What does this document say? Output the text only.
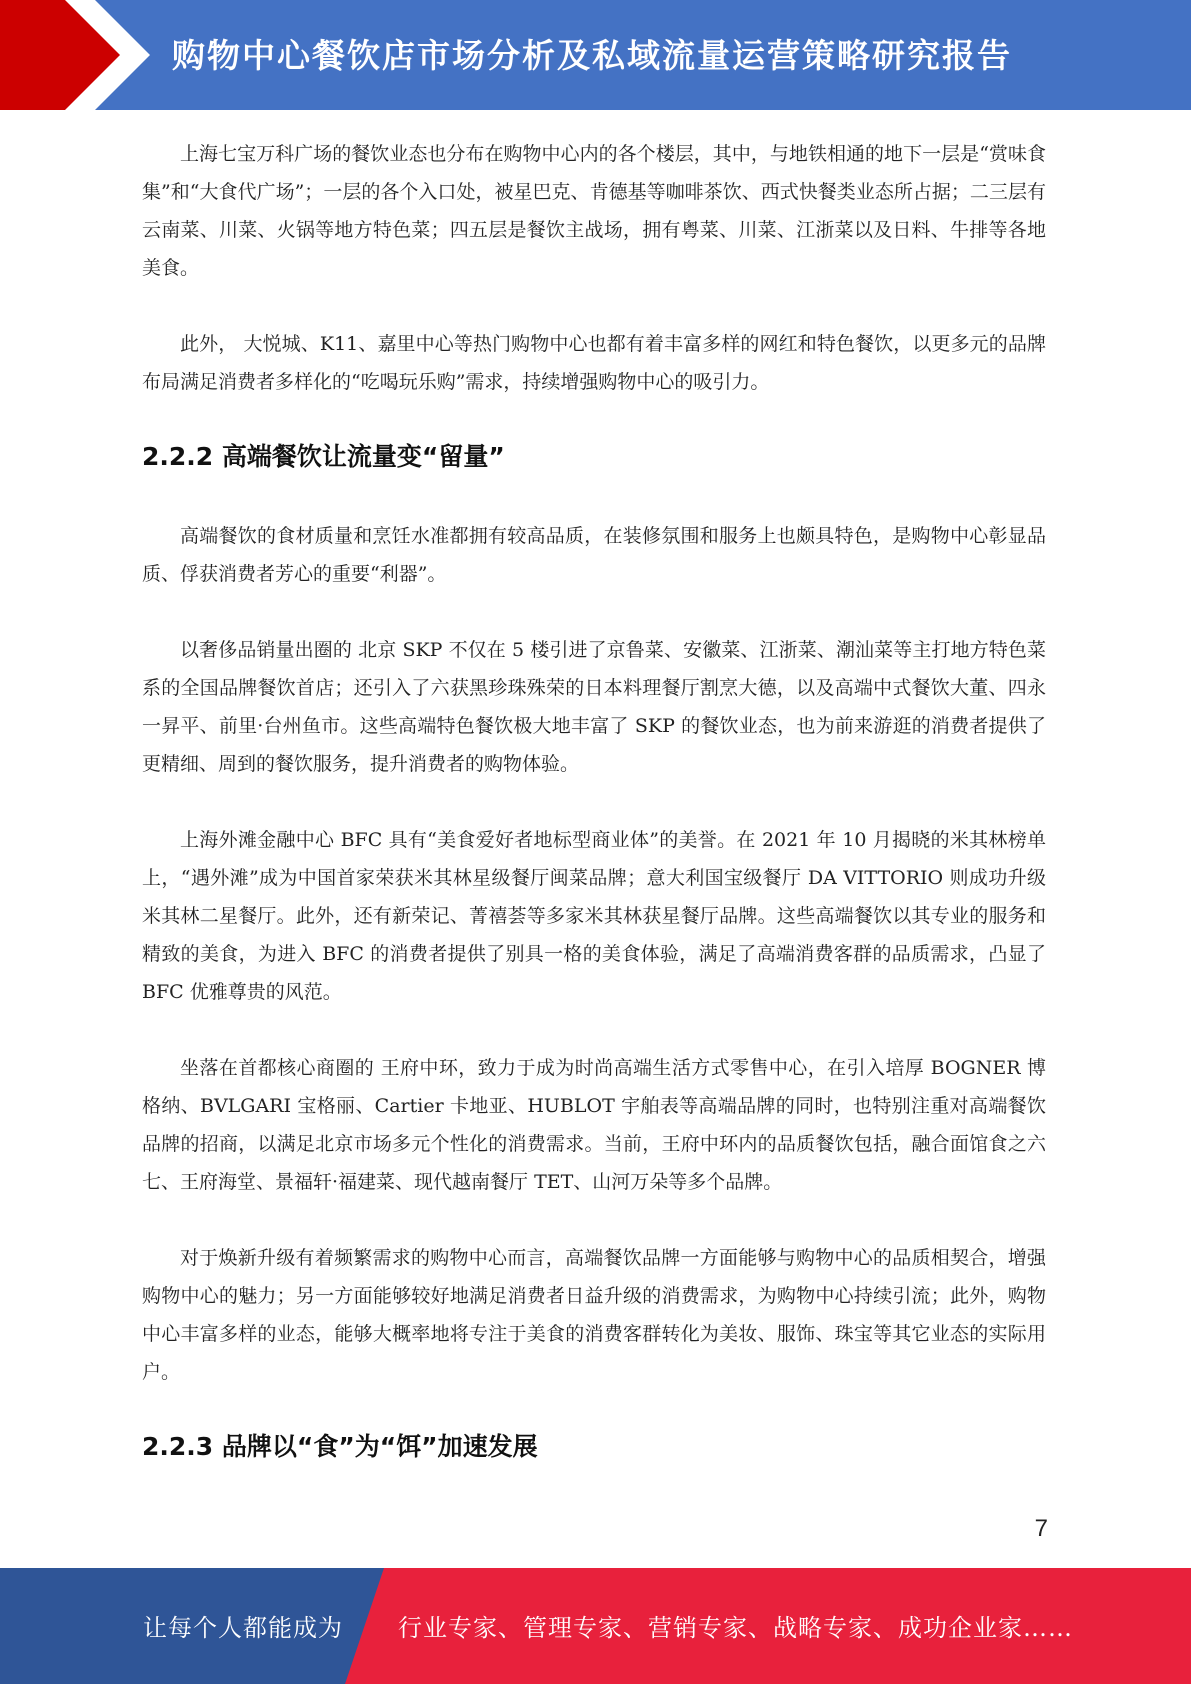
购物中心餐饮店市场分析及私域流量运营策略研究报告

上海七宝万科广场的餐饮业态也分布在购物中心内的各个楼层，其中，与地铁相通的地下一层是“赏味食集”和“大食代广场”；一层的各个入口处，被星巴克、肯德基等咖啡茶饮、西式快餐类业态所占据；二三层有云南菜、川菜、火锅等地方特色菜；四五层是餐饮主战场，拥有粤菜、川菜、江浙菜以及日料、牛排等各地美食。

此外， 大悦城、K11、嘉里中心等热门购物中心也都有着丰富多样的网红和特色餐饮，以更多元的品牌布局满足消费者多样化的“吃喝玩乐购”需求，持续增强购物中心的吸引力。

2.2.2 高端餐饮让流量变“留量”

高端餐饮的食材质量和烹饪水准都拥有较高品质，在装修氛围和服务上也颇具特色，是购物中心彰显品质、俘获消费者芳心的重要“利器”。

以奢侈品销量出圈的 北京 SKP 不仅在 5 楼引进了京鲁菜、安徽菜、江浙菜、潮汕菜等主打地方特色菜系的全国品牌餐饮首店；还引入了六获黑珍珠殊荣的日本料理餐厅割烹大德，以及高端中式餐饮大董、四永一昇平、前里·台州鱼市。这些高端特色餐饮极大地丰富了 SKP 的餐饮业态，也为前来游逛的消费者提供了更精细、周到的餐饮服务，提升消费者的购物体验。

上海外滩金融中心 BFC 具有“美食爱好者地标型商业体”的美誉。在 2021 年 10 月揭晓的米其林榜单上，“遇外滩”成为中国首家荣获米其林星级餐厅闽菜品牌；意大利国宝级餐厅 DA VITTORIO 则成功升级米其林二星餐厅。此外，还有新荣记、菁禧荟等多家米其林获星餐厅品牌。这些高端餐饮以其专业的服务和精致的美食，为进入 BFC 的消费者提供了别具一格的美食体验，满足了高端消费客群的品质需求，凸显了 BFC 优雅尊贵的风范。

坐落在首都核心商圈的 王府中环，致力于成为时尚高端生活方式零售中心，在引入培厚 BOGNER 博格纳、BVLGARI 宝格丽、Cartier 卡地亚、HUBLOT 宇舶表等高端品牌的同时，也特别注重对高端餐饮品牌的招商，以满足北京市场多元个性化的消费需求。当前，王府中环内的品质餐饮包括，融合面馆食之六七、王府海堂、景福轩·福建菜、现代越南餐厅 TET、山河万朵等多个品牌。

对于焕新升级有着频繁需求的购物中心而言，高端餐饮品牌一方面能够与购物中心的品质相契合，增强购物中心的魅力；另一方面能够较好地满足消费者日益升级的消费需求，为购物中心持续引流；此外，购物中心丰富多样的业态，能够大概率地将专注于美食的消费客群转化为美妆、服饰、珠宝等其它业态的实际用户。

2.2.3 品牌以“食”为“饵”加速发展
7
让每个人都能成为 行业专家、管理专家、营销专家、战略专家、成功企业家……
